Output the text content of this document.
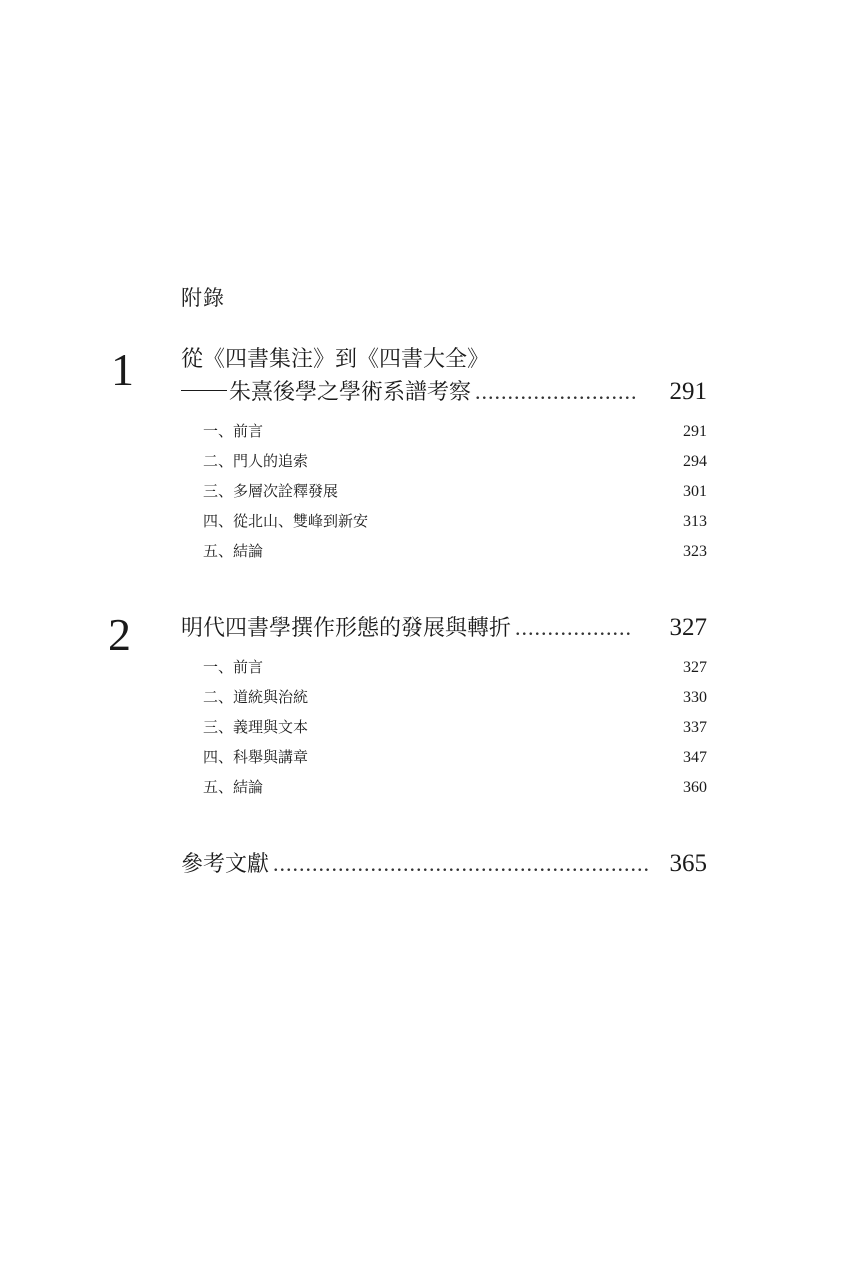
附錄
1 從《四書集注》到《四書大全》
朱熹後學之學術系譜考察 .........................	291
一、前言	291
二、門人的追索	294
三、多層次詮釋發展	301
四、從北山、雙峰到新安	313
五、結論	323
2 明代四書學撰作形態的發展與轉折 ..................	327
一、前言	327
二、道統與治統	330
三、義理與文本	337
四、科舉與講章	347
五、結論	360
參考文獻 .......................................................... 365
